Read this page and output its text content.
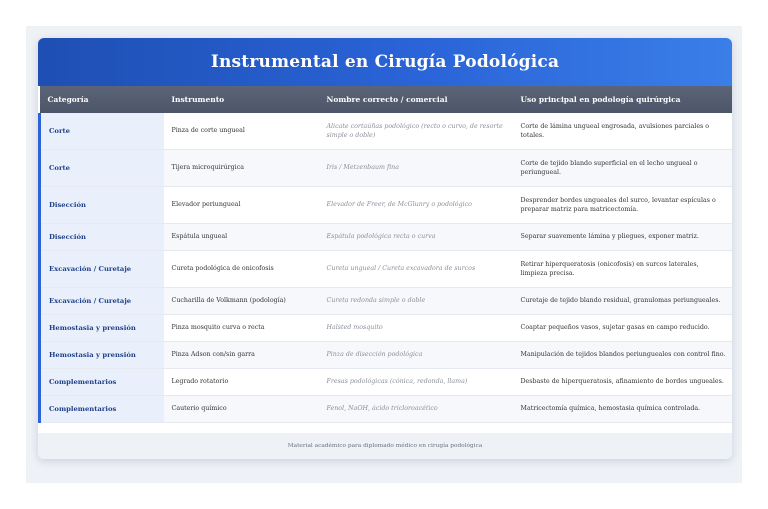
Instrumental en Cirugía Podológica
Categoría	Instrumento	Nombre correcto / comercial	Uso principal en podología quirúrgica
Corte	Pinza de corte ungueal	Alicate cortaúñas podológico (recto o curvo, de resorte simple o doble)	Corte de lámina ungueal engrosada, avulsiones parciales o totales.
Corte	Tijera microquirúrgica	Iris / Metzenbaum fina	Corte de tejido blando superficial en el lecho ungueal o periungueal.
Disección	Elevador periungueal	Elevador de Freer, de McGlunry o podológico	Desprender bordes ungueales del surco, levantar espículas o preparar matriz para matricectomía.
Disección	Espátula ungueal	Espátula podológica recta o curva	Separar suavemente lámina y pliegues, exponer matriz.
Excavación / Curetaje	Cureta podológica de onicofosis	Cureta ungueal / Cureta excavadora de surcos	Retirar hiperqueratosis (onicofosis) en surcos laterales, limpieza precisa.
Excavación / Curetaje	Cucharilla de Volkmann (podología)	Cureta redonda simple o doble	Curetaje de tejido blando residual, granulomas periungueales.
Hemostasia y prensión	Pinza mosquito curva o recta	Halsted mosquito	Coaptar pequeños vasos, sujetar gasas en campo reducido.
Hemostasia y prensión	Pinza Adson con/sin garra	Pinza de disección podológica	Manipulación de tejidos blandos periungueales con control fino.
Complementarios	Legrado rotatorio	Fresas podológicas (cónica, redonda, llama)	Desbaste de hiperqueratosis, afinamiento de bordes ungueales.
Complementarios	Cauterio químico	Fenol, NaOH, ácido tricloroacético	Matricectomía química, hemostasia química controlada.
Material académico para diplomado médico en cirugía podológica
